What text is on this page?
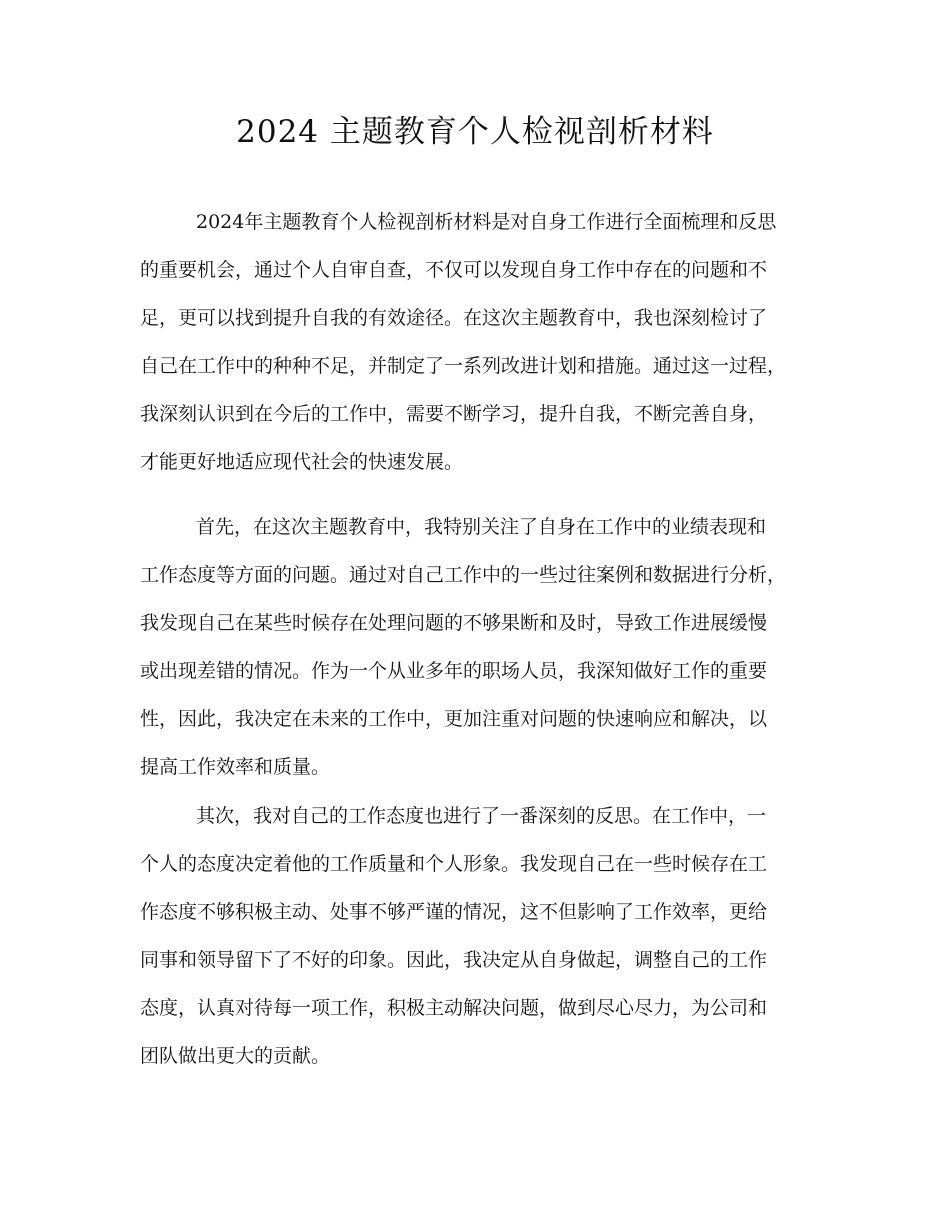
2024 主题教育个人检视剖析材料
2024年主题教育个人检视剖析材料是对自身工作进行全面梳理和反思
的重要机会，通过个人自审自查，不仅可以发现自身工作中存在的问题和不
足，更可以找到提升自我的有效途径。在这次主题教育中，我也深刻检讨了
自己在工作中的种种不足，并制定了一系列改进计划和措施。通过这一过程，
我深刻认识到在今后的工作中，需要不断学习，提升自我，不断完善自身，
才能更好地适应现代社会的快速发展。
首先，在这次主题教育中，我特别关注了自身在工作中的业绩表现和
工作态度等方面的问题。通过对自己工作中的一些过往案例和数据进行分析，
我发现自己在某些时候存在处理问题的不够果断和及时，导致工作进展缓慢
或出现差错的情况。作为一个从业多年的职场人员，我深知做好工作的重要
性，因此，我决定在未来的工作中，更加注重对问题的快速响应和解决，以
提高工作效率和质量。
其次，我对自己的工作态度也进行了一番深刻的反思。在工作中，一
个人的态度决定着他的工作质量和个人形象。我发现自己在一些时候存在工
作态度不够积极主动、处事不够严谨的情况，这不但影响了工作效率，更给
同事和领导留下了不好的印象。因此，我决定从自身做起，调整自己的工作
态度，认真对待每一项工作，积极主动解决问题，做到尽心尽力，为公司和
团队做出更大的贡献。
